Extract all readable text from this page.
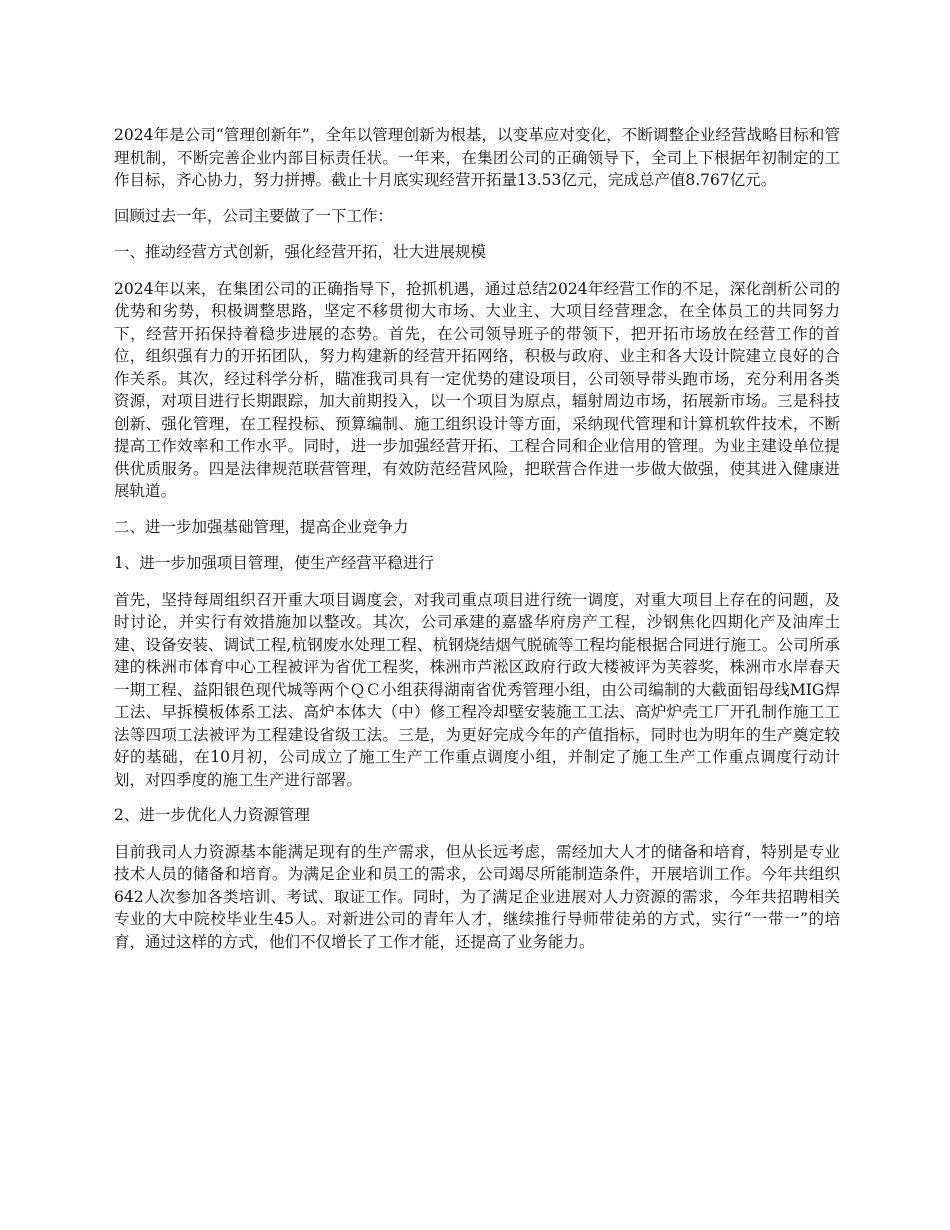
2024年是公司“管理创新年”，全年以管理创新为根基，以变革应对变化，不断调整企业经营战略目标和管理机制，不断完善企业内部目标责任状。一年来，在集团公司的正确领导下，全司上下根据年初制定的工作目标，齐心协力，努力拼搏。截止十月底实现经营开拓量13.53亿元，完成总产值8.767亿元。

回顾过去一年，公司主要做了一下工作：

一、推动经营方式创新，强化经营开拓，壮大进展规模

2024年以来，在集团公司的正确指导下，抢抓机遇，通过总结2024年经营工作的不足，深化剖析公司的优势和劣势，积极调整思路，坚定不移贯彻大市场、大业主、大项目经营理念，在全体员工的共同努力下，经营开拓保持着稳步进展的态势。首先，在公司领导班子的带领下，把开拓市场放在经营工作的首位，组织强有力的开拓团队，努力构建新的经营开拓网络，积极与政府、业主和各大设计院建立良好的合作关系。其次，经过科学分析，瞄准我司具有一定优势的建设项目，公司领导带头跑市场，充分利用各类资源，对项目进行长期跟踪，加大前期投入，以一个项目为原点，辐射周边市场，拓展新市场。三是科技创新、强化管理，在工程投标、预算编制、施工组织设计等方面，采纳现代管理和计算机软件技术，不断提高工作效率和工作水平。同时，进一步加强经营开拓、工程合同和企业信用的管理。为业主建设单位提供优质服务。四是法律规范联营管理，有效防范经营风险，把联营合作进一步做大做强，使其进入健康进展轨道。

二、进一步加强基础管理，提高企业竞争力

1、进一步加强项目管理，使生产经营平稳进行

首先，坚持每周组织召开重大项目调度会，对我司重点项目进行统一调度，对重大项目上存在的问题，及时讨论，并实行有效措施加以整改。其次，公司承建的嘉盛华府房产工程，沙钢焦化四期化产及油库土建、设备安装、调试工程,杭钢废水处理工程、杭钢烧结烟气脱硫等工程均能根据合同进行施工。公司所承建的株洲市体育中心工程被评为省优工程奖，株洲市芦淞区政府行政大楼被评为芙蓉奖，株洲市水岸春天一期工程、益阳银色现代城等两个ＱＣ小组获得湖南省优秀管理小组，由公司编制的大截面铝母线MIG焊工法、早拆模板体系工法、高炉本体大（中）修工程冷却壁安装施工工法、高炉炉壳工厂开孔制作施工工法等四项工法被评为工程建设省级工法。三是，为更好完成今年的产值指标，同时也为明年的生产奠定较好的基础，在10月初，公司成立了施工生产工作重点调度小组，并制定了施工生产工作重点调度行动计划，对四季度的施工生产进行部署。

2、进一步优化人力资源管理

目前我司人力资源基本能满足现有的生产需求，但从长远考虑，需经加大人才的储备和培育，特别是专业技术人员的储备和培育。为满足企业和员工的需求，公司竭尽所能制造条件，开展培训工作。今年共组织642人次参加各类培训、考试、取证工作。同时，为了满足企业进展对人力资源的需求，今年共招聘相关专业的大中院校毕业生45人。对新进公司的青年人才，继续推行导师带徒弟的方式，实行“一带一”的培育，通过这样的方式，他们不仅增长了工作才能，还提高了业务能力。
